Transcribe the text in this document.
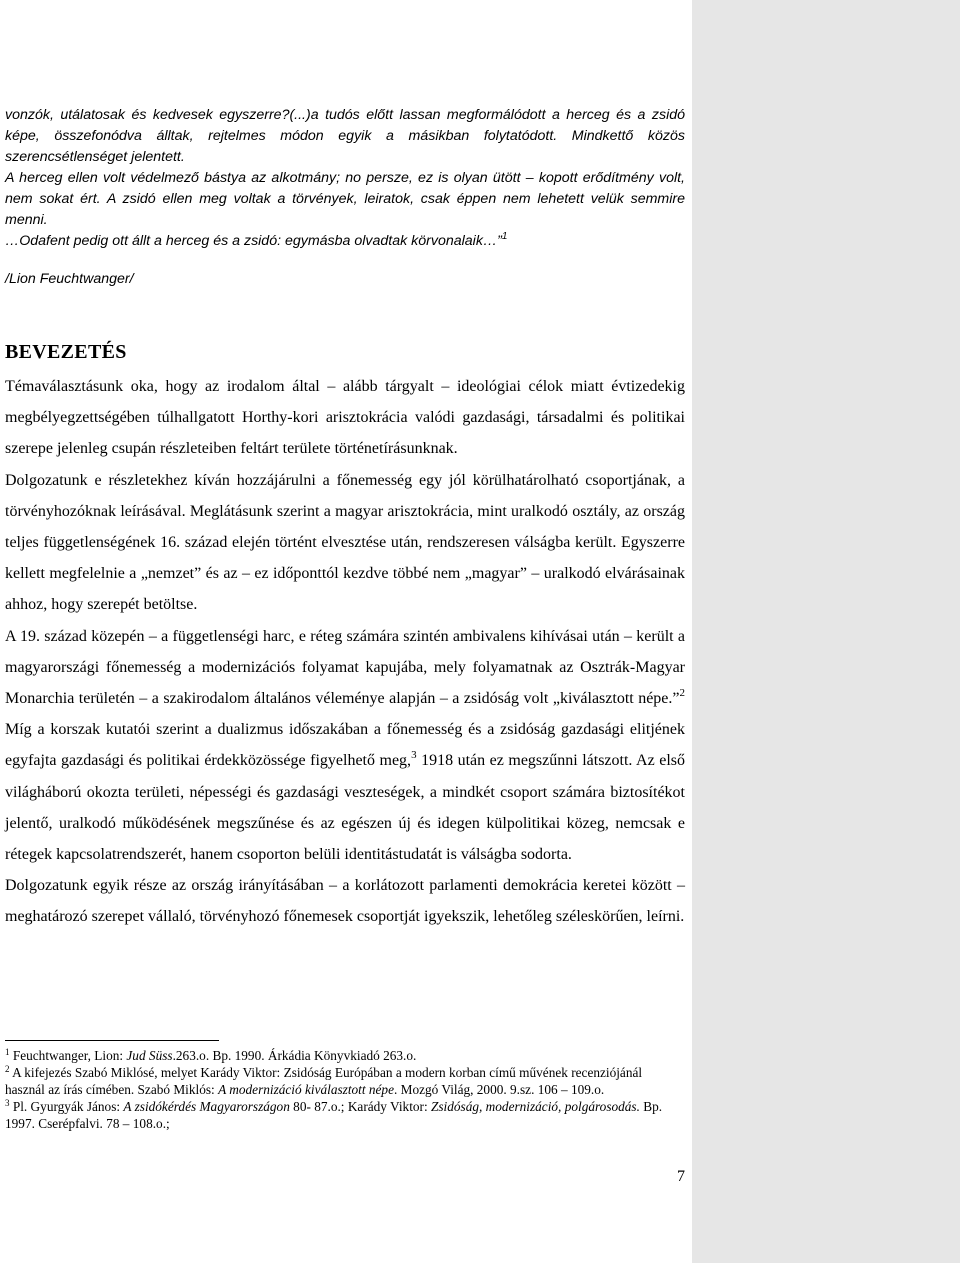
vonzók, utálatosak és kedvesek egyszerre?(...)a tudós előtt lassan megformálódott a herceg és a zsidó képe, összefonódva álltak, rejtelmes módon egyik a másikban folytatódott. Mindkettő közös szerencsétlenséget jelentett.

A herceg ellen volt védelmező bástya az alkotmány; no persze, ez is olyan ütött – kopott erődítmény volt, nem sokat ért. A zsidó ellen meg voltak a törvények, leiratok, csak éppen nem lehetett velük semmire menni.

…Odafent pedig ott állt a herceg és a zsidó: egymásba olvadtak körvonalaik…”$^1$

/Lion Feuchtwanger/
BEVEZETÉS

Témaválasztásunk oka, hogy az irodalom által – alább tárgyalt – ideológiai célok miatt évtizedekig megbélyegzettségében túlhallgatott Horthy-kori arisztokrácia valódi gazdasági, társadalmi és politikai szerepe jelenleg csupán részleteiben feltárt területe történetírásunknak.

Dolgozatunk e részletekhez kíván hozzájárulni a főnemesség egy jól körülhatárolható csoportjának, a törvényhozóknak leírásával. Meglátásunk szerint a magyar arisztokrácia, mint uralkodó osztály, az ország teljes függetlenségének 16. század elején történt elvesztése után, rendszeresen válságba került. Egyszerre kellett megfelelnie a „nemzet” és az – ez időponttól kezdve többé nem „magyar” – uralkodó elvárásainak ahhoz, hogy szerepét betöltse.

A 19. század közepén – a függetlenségi harc, e réteg számára szintén ambivalens kihívásai után – került a magyarországi főnemesség a modernizációs folyamat kapujába, mely folyamatnak az Osztrák-Magyar Monarchia területén – a szakirodalom általános véleménye alapján – a zsidóság volt „kiválasztott népe.”$^2$ Míg a korszak kutatói szerint a dualizmus időszakában a főnemesség és a zsidóság gazdasági elitjének egyfajta gazdasági és politikai érdekközössége figyelhető meg,$^3$ 1918 után ez megszűnni látszott. Az első világháború okozta területi, népességi és gazdasági veszteségek, a mindkét csoport számára biztosítékot jelentő, uralkodó működésének megszűnése és az egészen új és idegen külpolitikai közeg, nemcsak e rétegek kapcsolatrendszerét, hanem csoporton belüli identitástudatát is válságba sodorta.

Dolgozatunk egyik része az ország irányításában – a korlátozott parlamenti demokrácia keretei között – meghatározó szerepet vállaló, törvényhozó főnemesek csoportját igyekszik, lehetőleg széleskörűen, leírni.

$^1$ Feuchtwanger, Lion: Jud Süss.263.o. Bp. 1990. Árkádia Könyvkiadó 263.o.

$^2$ A kifejezés Szabó Miklósé, melyet Karády Viktor: Zsidóság Európában a modern korban című művének recenziójánál használ az írás címében. Szabó Miklós: A modernizáció kiválasztott népe. Mozgó Világ, 2000. 9.sz. 106 – 109.o.

$^3$ Pl. Gyurgyák János: A zsidókérdés Magyarországon 80- 87.o.; Karády Viktor: Zsidóság, modernizáció, polgárosodás. Bp. 1997. Cserépfalvi. 78 – 108.o.;

7
